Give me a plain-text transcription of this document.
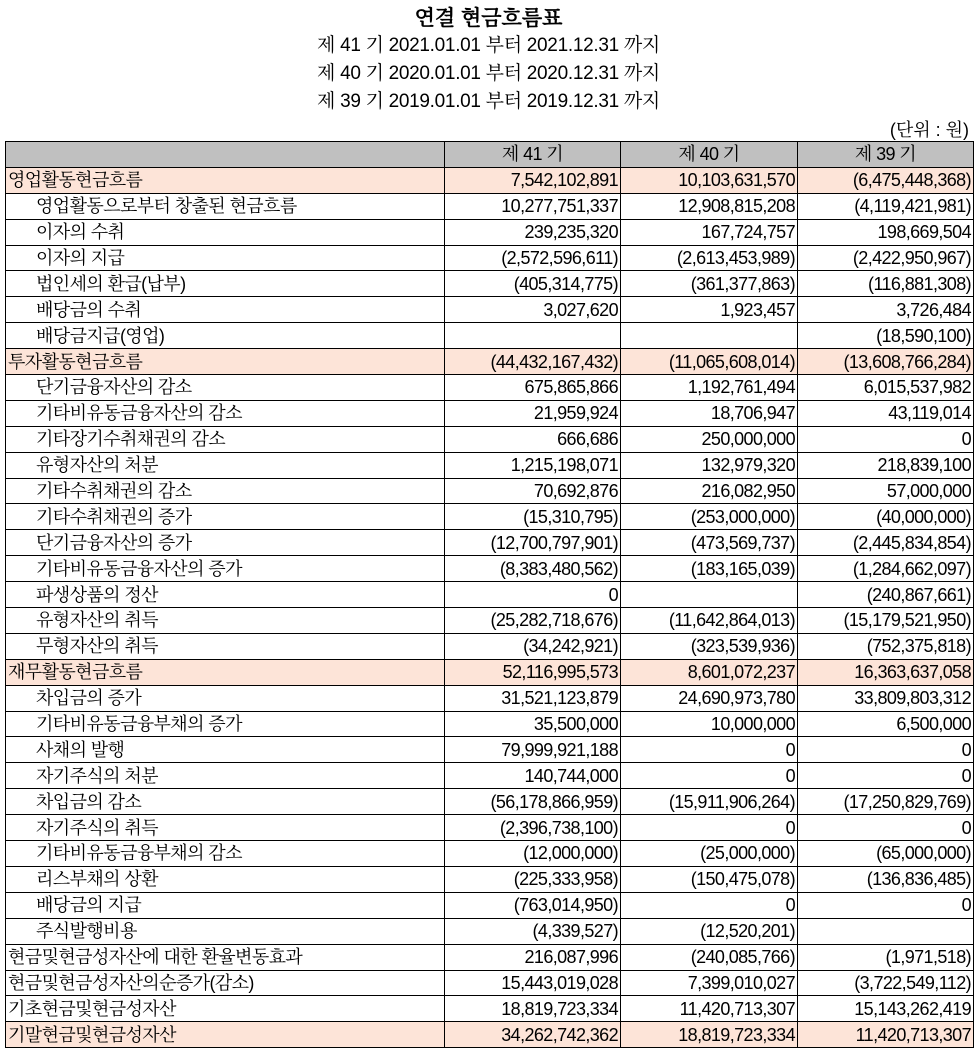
연결 현금흐름표
제 41 기 2021.01.01 부터 2021.12.31 까지
제 40 기 2020.01.01 부터 2020.12.31 까지
제 39 기 2019.01.01 부터 2019.12.31 까지
(단위 : 원)
	제 41 기	제 40 기	제 39 기
영업활동현금흐름	7,542,102,891	10,103,631,570	(6,475,448,368)
영업활동으로부터 창출된 현금흐름	10,277,751,337	12,908,815,208	(4,119,421,981)
이자의 수취	239,235,320	167,724,757	198,669,504
이자의 지급	(2,572,596,611)	(2,613,453,989)	(2,422,950,967)
법인세의 환급(납부)	(405,314,775)	(361,377,863)	(116,881,308)
배당금의 수취	3,027,620	1,923,457	3,726,484
배당금지급(영업)			(18,590,100)
투자활동현금흐름	(44,432,167,432)	(11,065,608,014)	(13,608,766,284)
단기금융자산의 감소	675,865,866	1,192,761,494	6,015,537,982
기타비유동금융자산의 감소	21,959,924	18,706,947	43,119,014
기타장기수취채권의 감소	666,686	250,000,000	0
유형자산의 처분	1,215,198,071	132,979,320	218,839,100
기타수취채권의 감소	70,692,876	216,082,950	57,000,000
기타수취채권의 증가	(15,310,795)	(253,000,000)	(40,000,000)
단기금융자산의 증가	(12,700,797,901)	(473,569,737)	(2,445,834,854)
기타비유동금융자산의 증가	(8,383,480,562)	(183,165,039)	(1,284,662,097)
파생상품의 정산	0		(240,867,661)
유형자산의 취득	(25,282,718,676)	(11,642,864,013)	(15,179,521,950)
무형자산의 취득	(34,242,921)	(323,539,936)	(752,375,818)
재무활동현금흐름	52,116,995,573	8,601,072,237	16,363,637,058
차입금의 증가	31,521,123,879	24,690,973,780	33,809,803,312
기타비유동금융부채의 증가	35,500,000	10,000,000	6,500,000
사채의 발행	79,999,921,188	0	0
자기주식의 처분	140,744,000	0	0
차입금의 감소	(56,178,866,959)	(15,911,906,264)	(17,250,829,769)
자기주식의 취득	(2,396,738,100)	0	0
기타비유동금융부채의 감소	(12,000,000)	(25,000,000)	(65,000,000)
리스부채의 상환	(225,333,958)	(150,475,078)	(136,836,485)
배당금의 지급	(763,014,950)	0	0
주식발행비용	(4,339,527)	(12,520,201)	
현금및현금성자산에 대한 환율변동효과	216,087,996	(240,085,766)	(1,971,518)
현금및현금성자산의순증가(감소)	15,443,019,028	7,399,010,027	(3,722,549,112)
기초현금및현금성자산	18,819,723,334	11,420,713,307	15,143,262,419
기말현금및현금성자산	34,262,742,362	18,819,723,334	11,420,713,307
